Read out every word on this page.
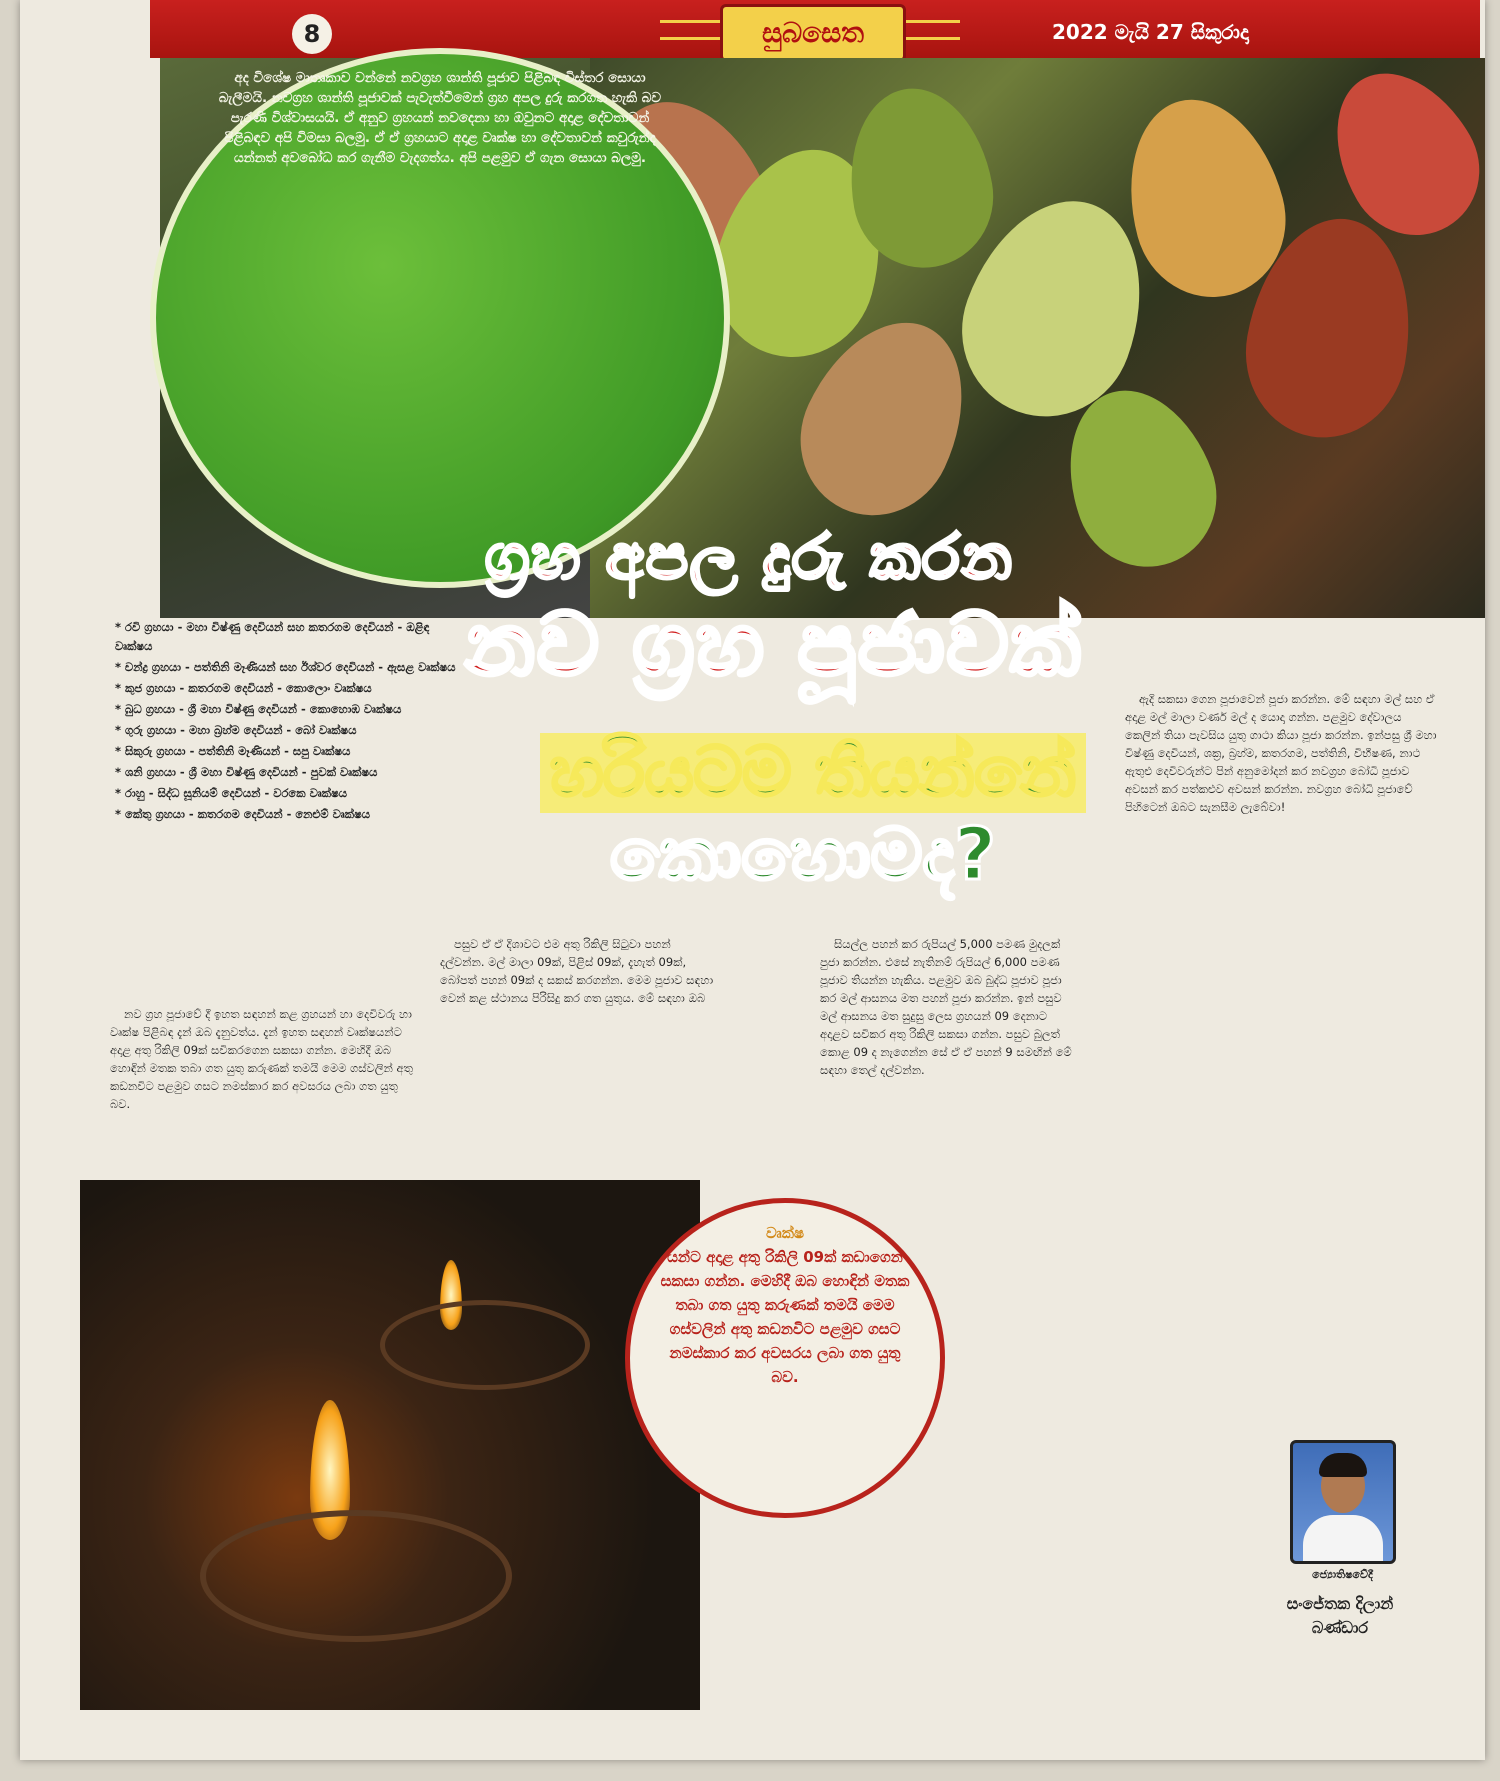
8	සුබසෙත	2022 මැයි 27 සිකුරාදා
අද විශේෂ මාතෘකාව වන්නේ නවග්‍රහ ශාන්ති පූජාව පිළිබඳ විස්තර සොයා බැලීමයි. නවග්‍රහ ශාන්ති පූජාවක් පැවැත්වීමෙන් ග්‍රහ අපල දුරු කරගත හැකි බව පැරණි විශ්වාසයයි. ඒ අනුව ග්‍රහයන් නවදෙනා හා ඔවුනට අදාළ දේවතාවන් පිළිබඳව අපි විමසා බලමු. ඒ ඒ ග්‍රහයාට අදාළ වෘක්ෂ හා දේවතාවන් කවුරුන්ද යන්නත් අවබෝධ කර ගැනීම වැදගත්ය. අපි පළමුව ඒ ගැන සොයා බලමු.
ග්‍රහ අපල දුරු කරන
නව ග්‍රහ පූජාවක්
හරියටම තියන්නේ
කොහොමද?
* රවි ග්‍රහයා - මහා විෂ්ණු දෙවියන් සහ කතරගම දෙවියන් - ඔළිඳ වෘක්ෂය
* චන්ද්‍ර ග්‍රහයා - පත්තිනි මෑණියන් සහ ඊශ්වර දෙවියන් - ඇසළ වෘක්ෂය
* කුජ ග්‍රහයා - කතරගම දෙවියන් - කොලොං වෘක්ෂය
* බුධ ග්‍රහයා - ශ්‍රී මහා විෂ්ණු දෙවියන් - කොහොඹ වෘක්ෂය
* ගුරු ග්‍රහයා - මහා බ්‍රහ්ම දෙවියන් - බෝ වෘක්ෂය
* සිකුරු ග්‍රහයා - පත්තිනි මෑණියන් - සපු වෘක්ෂය
* ශනි ග්‍රහයා - ශ්‍රී මහා විෂ්ණු දෙවියන් - පුවක් වෘක්ෂය
* රාහු - සිද්ධ සූනියම් දෙවියන් - වරකෙ වෘක්ෂය
* කේතු ග්‍රහයා - කතරගම දෙවියන් - නෙළුම් වෘක්ෂය

නව ග්‍රහ පූජාවේ දී ඉහත සඳහන් කළ ග්‍රහයන් හා දෙවිවරු හා වෘක්ෂ පිළිබඳ දැන් ඔබ දැනුවත්ය. දැන් ඉහත සඳහන් වෘක්ෂයන්ට අදාළ අතු රිකිලි 09ක් සවිකරගෙන සකසා ගන්න. මෙහිදී ඔබ හොඳින් මතක තබා ගත යුතු කරුණක් තමයි මෙම ගස්වලින් අතු කඩනවිට පළමුව ගසට නමස්කාර කර අවසරය ලබා ගත යුතු බව.

පසුව ඒ ඒ දිශාවට එම අතු රිකිලි සිටුවා පහන් දල්වන්න. මල් මාලා 09ක්, පිළිස් 09ක්, දැහැත් 09ක්, බෝපත් පහන් 09ක් ද සකස් කරගන්න. මෙම පූජාව සඳහා වෙන් කළ ස්ථානය පිරිසිදු කර ගත යුතුය. මේ සඳහා ඔබ

සියල්ල පහන් කර රුපියල් 5,000 පමණ මුදලක් පුජා කරන්න. එසේ නැතිනම් රුපියල් 6,000 පමණ පූජාව තියන්න හැකිය. පළමුව ඔබ බුද්ධ පූජාව පූජා කර මල් ආසනය මත පහන් පූජා කරන්න. ඉන් පසුව මල් ආසනය මත සුදුසු ලෙස ග්‍රහයන් 09 දෙනාට අදාළව සවිකර අතු රිකිලි සකසා ගන්න. පසුව බුලත් කොළ 09 ද නැගෙන්න සේ ඒ ඒ පහන් 9 සමඟින් මේ සඳහා තෙල් දල්වන්න.

ඇදි සකසා ගෙන පූජාවෙන් පූජා කරන්න. මේ සඳහා මල් සහ ඒ අදාළ මල් මාලා වර්ණ මල් ද යොදා ගන්න. පළමුව දේවාලය කෙලින් තියා පැවසිය යුතු ගාථා කියා පූජා කරන්න. ඉන්පසු ශ්‍රී මහා විෂ්ණු දෙවියන්, ශක්‍ර, බ්‍රහ්ම, කතරගම, පත්තිනි, විභීෂණ, නාථ ඇතුළු දෙවිවරුන්ට පින් අනුමෝදන් කර නවග්‍රහ බෝධි පූජාව අවසන් කර පත්කළුව අවසන් කරන්න. නවග්‍රහ බෝධි පූජාවේ පිහිටෙන් ඔබට සැනසීම ලැබේවා!

වෘක්ෂ
යන්ට අදාළ අතු රිකිලි 09ක් කඩාගෙන සකසා ගන්න. මෙහිදී ඔබ හොඳින් මතක තබා ගත යුතු කරුණක් තමයි මෙම ගස්වලින් අතු කඩනවිට පළමුව ගසට නමස්කාර කර අවසරය ලබා ගත යුතු බව.
ජ්‍යොතිෂවේදී
සංජේතක දිලාන්
බණ්ඩාර
